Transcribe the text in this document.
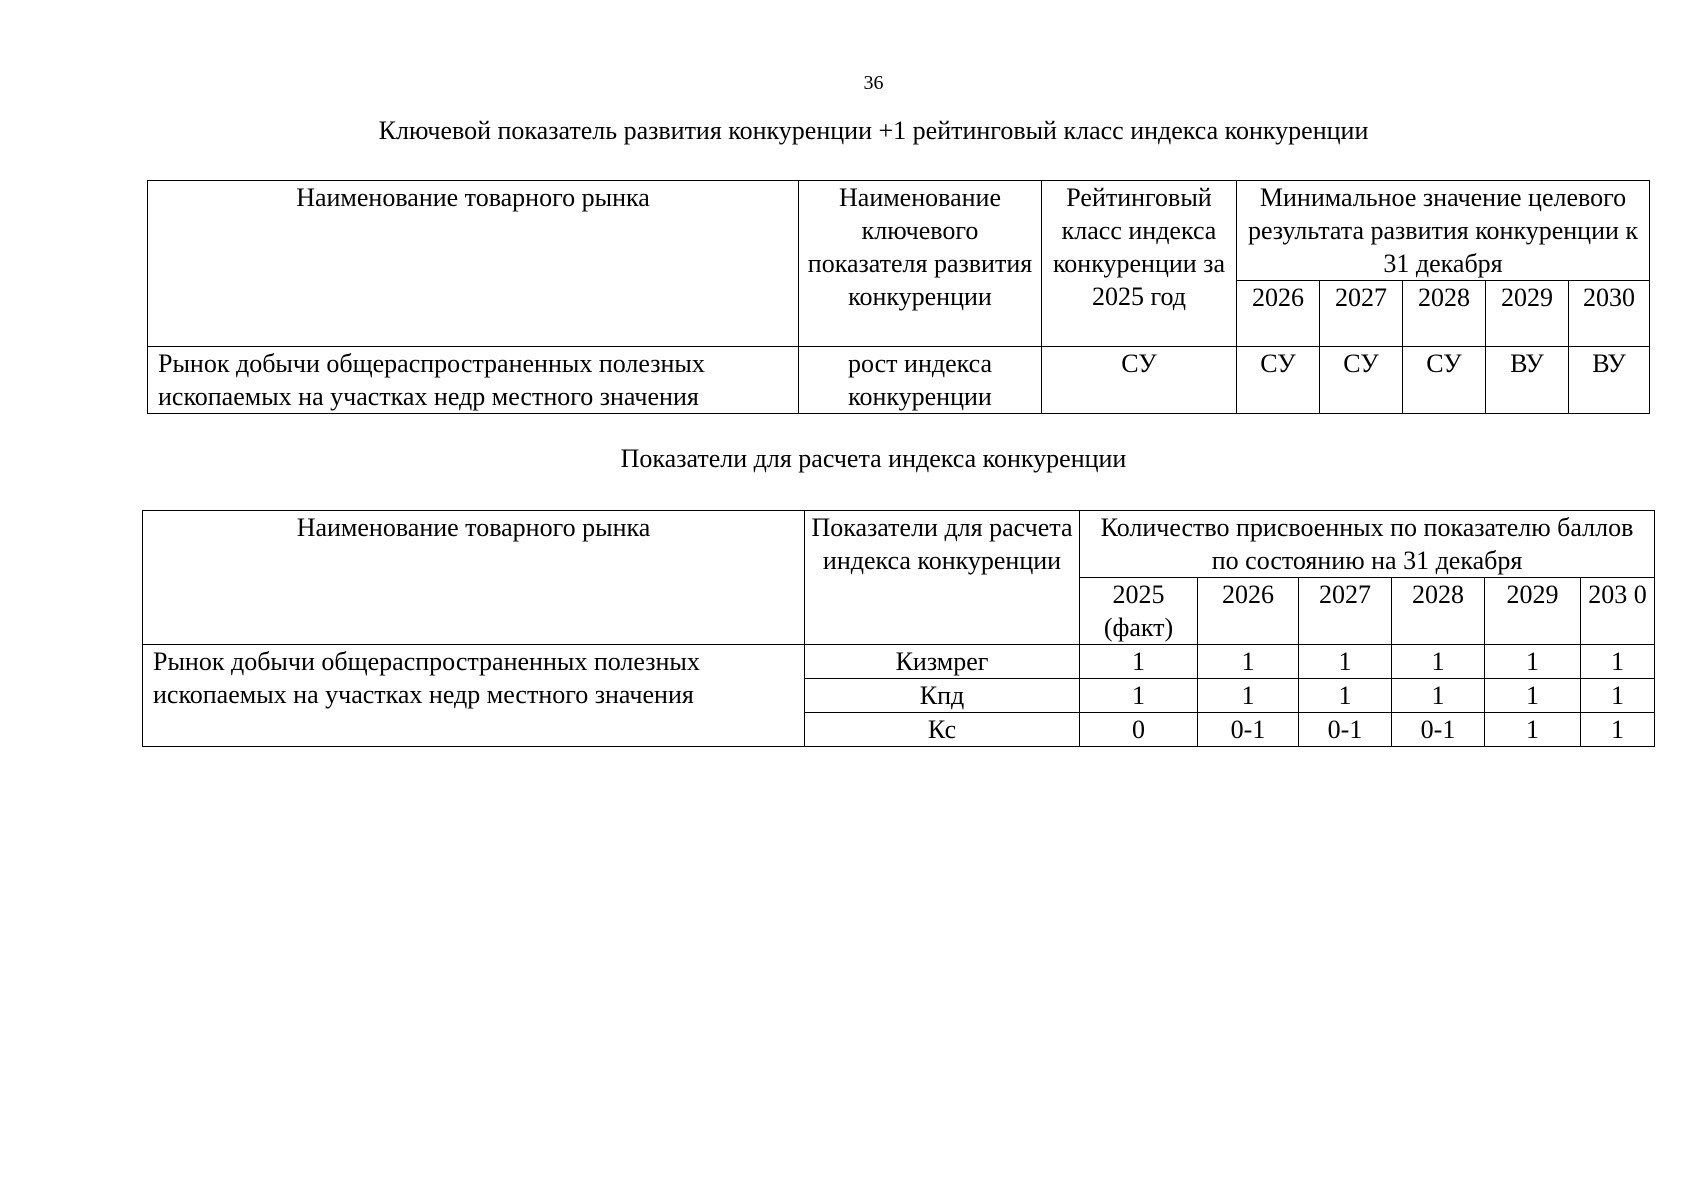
36
Ключевой показатель развития конкуренции +1 рейтинговый класс индекса конкуренции
Наименование товарного рынка	Наименование ключевого показателя развития конкуренции	Рейтинговый класс индекса конкуренции за 2025 год	Минимальное значение целевого результата развития конкуренции к 31 декабря				
			2026	2027	2028	2029	2030
Рынок добычи общераспространенных полезных ископаемых на участках недр местного значения	рост индекса конкуренции	СУ	СУ	СУ	СУ	ВУ	ВУ
Показатели для расчета индекса конкуренции
Наименование товарного рынка	Показатели для расчета индекса конкуренции	Количество присвоенных по показателю баллов по состоянию на 31 декабря					
		2025 (факт)	2026	2027	2028	2029	203 0
Рынок добычи общераспространенных полезных ископаемых на участках недр местного значения	Кизмрег	1	1	1	1	1	1
	Кпд	1	1	1	1	1	1
	Кс	0	0-1	0-1	0-1	1	1
